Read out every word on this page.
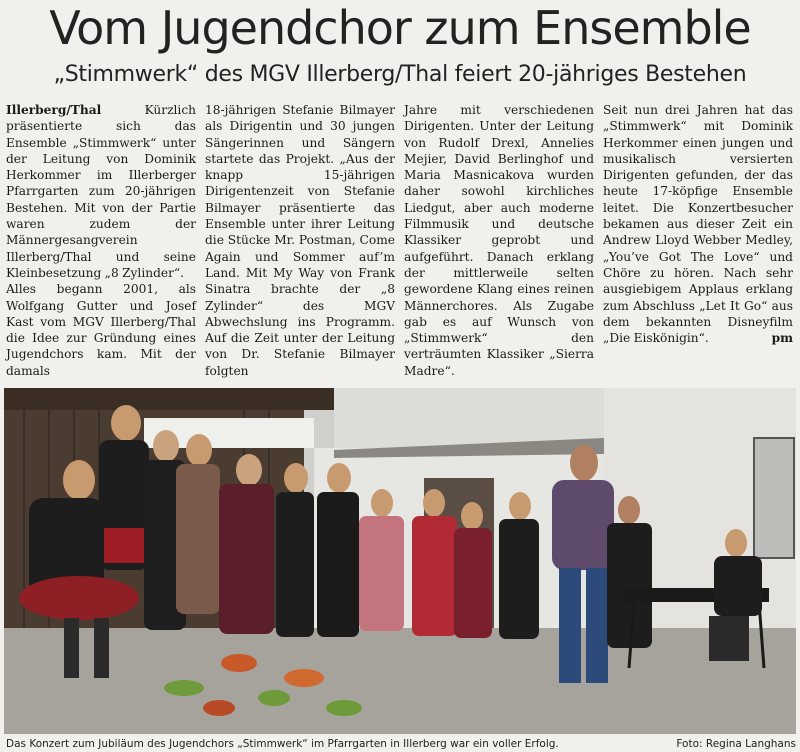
Vom Jugendchor zum Ensemble
„Stimmwerk“ des MGV Illerberg/Thal feiert 20-jähriges Bestehen

Illerberg/Thal	Kürzlich präsentierte sich das Ensemble „Stimmwerk“ unter der Leitung von Dominik Herkommer im Illerberger Pfarrgarten zum 20-jährigen Bestehen. Mit von der Partie waren zudem der Männergesangverein Illerberg/Thal und seine Kleinbesetzung „8 Zylinder“.

Alles begann 2001, als Wolfgang Gutter und Josef Kast vom MGV Illerberg/Thal die Idee zur Gründung eines Jugendchors kam. Mit der damals

18-jährigen Stefanie Bilmayer als Dirigentin und 30 jungen Sängerinnen und Sängern startete das Projekt. „Aus der knapp 15-jährigen Dirigentenzeit von Stefanie Bilmayer präsentierte das Ensemble unter ihrer Leitung die Stücke Mr. Postman, Come Again und Sommer auf’m Land. Mit My Way von Frank Sinatra brachte der „8 Zylinder“ des MGV Abwechslung ins Programm. Auf die Zeit unter der Leitung von Dr. Stefanie Bilmayer folgten

Jahre mit verschiedenen Dirigenten. Unter der Leitung von Rudolf Drexl, Annelies Mejier, David Berlinghof und Maria Masnicakova wurden daher sowohl kirchliches Liedgut, aber auch moderne Filmmusik und deutsche Klassiker geprobt und aufgeführt. Danach erklang der mittlerweile selten gewordene Klang eines reinen Männerchores. Als Zugabe gab es auf Wunsch von „Stimmwerk“ den verträumten Klassiker „Sierra Madre“.

Seit nun drei Jahren hat das „Stimmwerk“ mit Dominik Herkommer einen jungen und musikalisch versierten Dirigenten gefunden, der das heute 17-köpfige Ensemble leitet. Die Konzertbesucher bekamen aus dieser Zeit ein Andrew Lloyd Webber Medley, „You’ve Got The Love“ und Chöre zu hören. Nach sehr ausgiebigem Applaus erklang zum Abschluss „Let It Go“ aus dem bekannten Disneyfilm „Die Eiskönigin“.	pm

Das Konzert zum Jubiläum des Jugendchors „Stimmwerk“ im Pfarrgarten in Illerberg war ein voller Erfolg.	Foto: Regina Langhans
